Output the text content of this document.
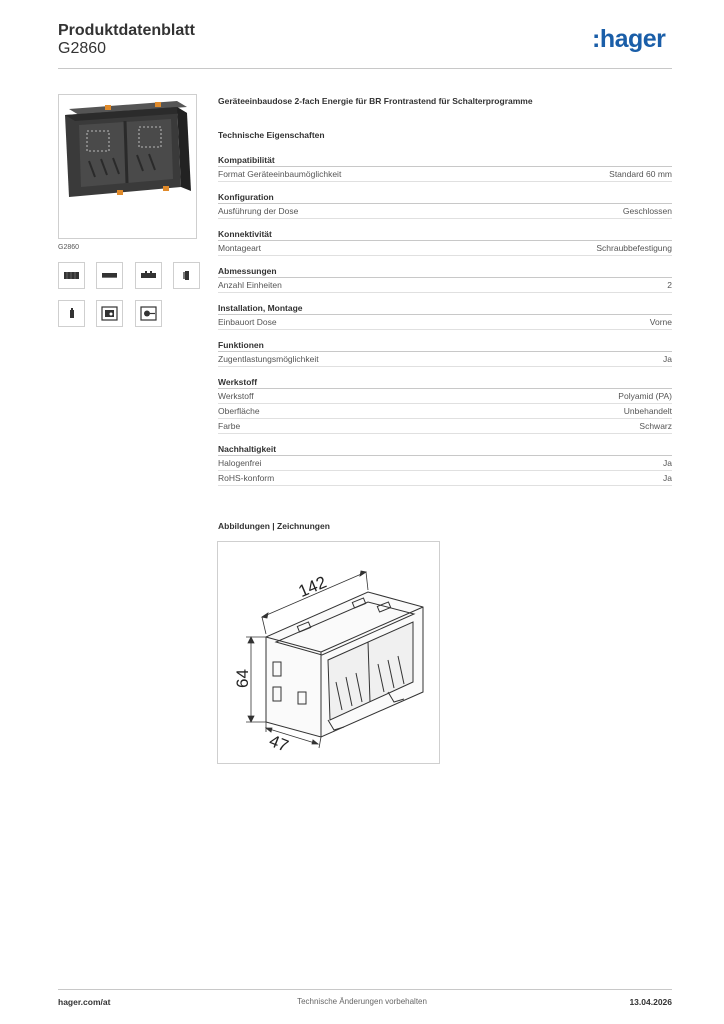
Produktdatenblatt
G2860	:hager
G2860
Geräteeinbaudose 2-fach Energie für BR Frontrastend für Schalterprogramme
Technische Eigenschaften
Kompatibilität
Format Geräteeinbaumöglichkeit	Standard 60 mm
Konfiguration
Ausführung der Dose	Geschlossen
Konnektivität
Montageart	Schraubbefestigung
Abmessungen
Anzahl Einheiten	2
Installation, Montage
Einbauort Dose	Vorne
Funktionen
Zugentlastungsmöglichkeit	Ja
Werkstoff
Werkstoff	Polyamid (PA)
Oberfläche	Unbehandelt
Farbe	Schwarz
Nachhaltigkeit
Halogenfrei	Ja
RoHS-konform	Ja
Abbildungen | Zeichnungen
142
64
47
hager.com/at	Technische Änderungen vorbehalten	13.04.2026
